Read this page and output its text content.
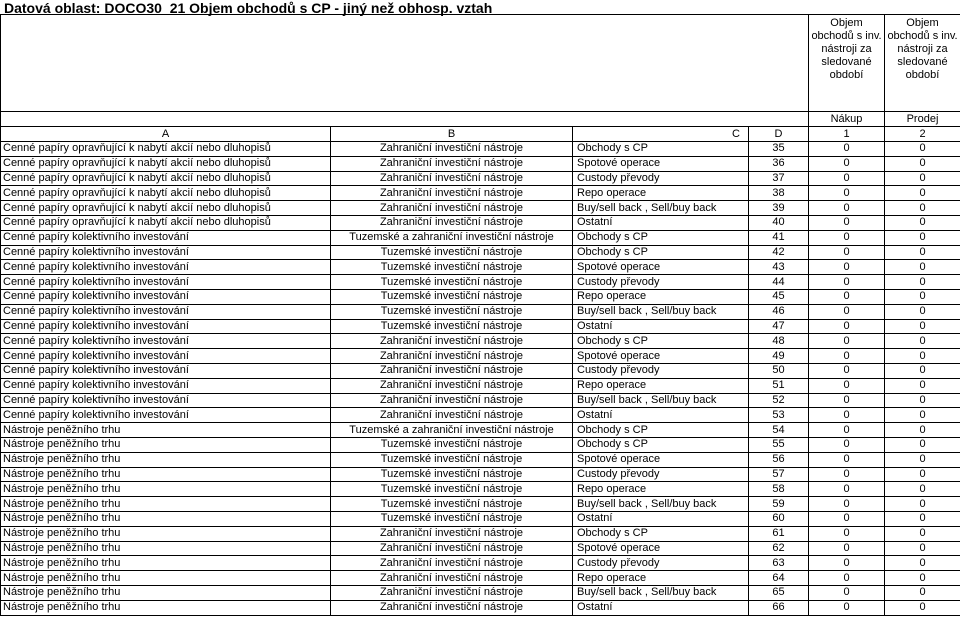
Datová oblast: DOCO30_21 Objem obchodů s CP - jiný než obhosp. vztah
				Objem obchodů s inv. nástroji za sledované období	Objem obchodů s inv. nástroji za sledované období
				Nákup	Prodej
A	B	C	D	1	2
Cenné papíry opravňující k nabytí akcií nebo dluhopisů	Zahraniční investiční nástroje	Obchody s CP	35	0	0
Cenné papíry opravňující k nabytí akcií nebo dluhopisů	Zahraniční investiční nástroje	Spotové operace	36	0	0
Cenné papíry opravňující k nabytí akcií nebo dluhopisů	Zahraniční investiční nástroje	Custody převody	37	0	0
Cenné papíry opravňující k nabytí akcií nebo dluhopisů	Zahraniční investiční nástroje	Repo operace	38	0	0
Cenné papíry opravňující k nabytí akcií nebo dluhopisů	Zahraniční investiční nástroje	Buy/sell back , Sell/buy back	39	0	0
Cenné papíry opravňující k nabytí akcií nebo dluhopisů	Zahraniční investiční nástroje	Ostatní	40	0	0
Cenné papíry kolektivního investování	Tuzemské a zahraniční investiční nástroje	Obchody s CP	41	0	0
Cenné papíry kolektivního investování	Tuzemské investiční nástroje	Obchody s CP	42	0	0
Cenné papíry kolektivního investování	Tuzemské investiční nástroje	Spotové operace	43	0	0
Cenné papíry kolektivního investování	Tuzemské investiční nástroje	Custody převody	44	0	0
Cenné papíry kolektivního investování	Tuzemské investiční nástroje	Repo operace	45	0	0
Cenné papíry kolektivního investování	Tuzemské investiční nástroje	Buy/sell back , Sell/buy back	46	0	0
Cenné papíry kolektivního investování	Tuzemské investiční nástroje	Ostatní	47	0	0
Cenné papíry kolektivního investování	Zahraniční investiční nástroje	Obchody s CP	48	0	0
Cenné papíry kolektivního investování	Zahraniční investiční nástroje	Spotové operace	49	0	0
Cenné papíry kolektivního investování	Zahraniční investiční nástroje	Custody převody	50	0	0
Cenné papíry kolektivního investování	Zahraniční investiční nástroje	Repo operace	51	0	0
Cenné papíry kolektivního investování	Zahraniční investiční nástroje	Buy/sell back , Sell/buy back	52	0	0
Cenné papíry kolektivního investování	Zahraniční investiční nástroje	Ostatní	53	0	0
Nástroje peněžního trhu	Tuzemské a zahraniční investiční nástroje	Obchody s CP	54	0	0
Nástroje peněžního trhu	Tuzemské investiční nástroje	Obchody s CP	55	0	0
Nástroje peněžního trhu	Tuzemské investiční nástroje	Spotové operace	56	0	0
Nástroje peněžního trhu	Tuzemské investiční nástroje	Custody převody	57	0	0
Nástroje peněžního trhu	Tuzemské investiční nástroje	Repo operace	58	0	0
Nástroje peněžního trhu	Tuzemské investiční nástroje	Buy/sell back , Sell/buy back	59	0	0
Nástroje peněžního trhu	Tuzemské investiční nástroje	Ostatní	60	0	0
Nástroje peněžního trhu	Zahraniční investiční nástroje	Obchody s CP	61	0	0
Nástroje peněžního trhu	Zahraniční investiční nástroje	Spotové operace	62	0	0
Nástroje peněžního trhu	Zahraniční investiční nástroje	Custody převody	63	0	0
Nástroje peněžního trhu	Zahraniční investiční nástroje	Repo operace	64	0	0
Nástroje peněžního trhu	Zahraniční investiční nástroje	Buy/sell back , Sell/buy back	65	0	0
Nástroje peněžního trhu	Zahraniční investiční nástroje	Ostatní	66	0	0
